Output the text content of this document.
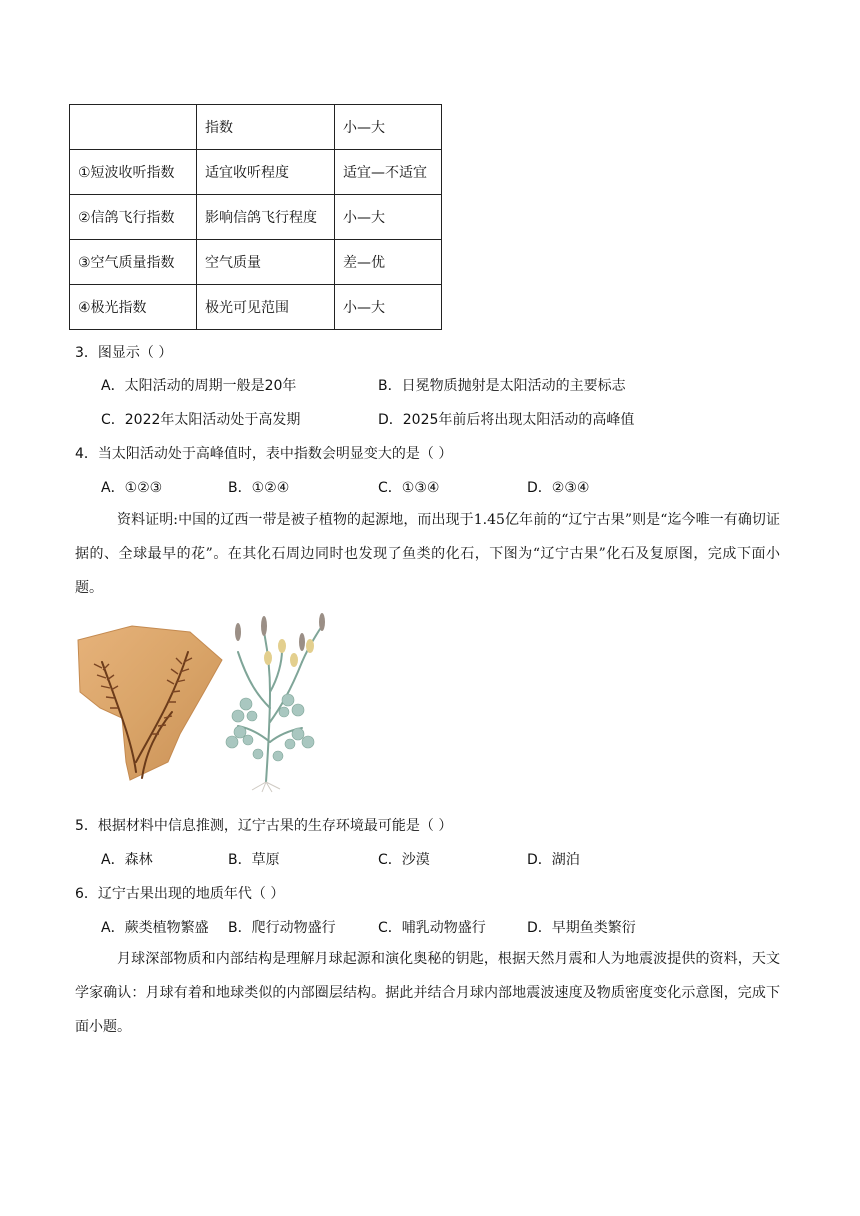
	指数	小—大
①短波收听指数	适宜收听程度	适宜—不适宜
②信鸽飞行指数	影响信鸽飞行程度	小—大
③空气质量指数	空气质量	差—优
④极光指数	极光可见范围	小—大
3．图显示（ ）
A．太阳活动的周期一般是20年	B．日冕物质抛射是太阳活动的主要标志
C．2022年太阳活动处于高发期	D．2025年前后将出现太阳活动的高峰值
4．当太阳活动处于高峰值时，表中指数会明显变大的是（ ）
A．①②③	B．①②④	C．①③④	D．②③④

资料证明:中国的辽西一带是被子植物的起源地，而出现于1.45亿年前的“辽宁古果”则是“迄今唯一有确切证据的、全球最早的花”。在其化石周边同时也发现了鱼类的化石，下图为“辽宁古果”化石及复原图，完成下面小题。

5．根据材料中信息推测，辽宁古果的生存环境最可能是（ ）
A．森林	B．草原	C．沙漠	D．湖泊
6．辽宁古果出现的地质年代（ ）
A．蕨类植物繁盛 B．爬行动物盛行	C．哺乳动物盛行	D．早期鱼类繁衍

月球深部物质和内部结构是理解月球起源和演化奥秘的钥匙，根据天然月震和人为地震波提供的资料，天文学家确认：月球有着和地球类似的内部圈层结构。据此并结合月球内部地震波速度及物质密度变化示意图，完成下面小题。
